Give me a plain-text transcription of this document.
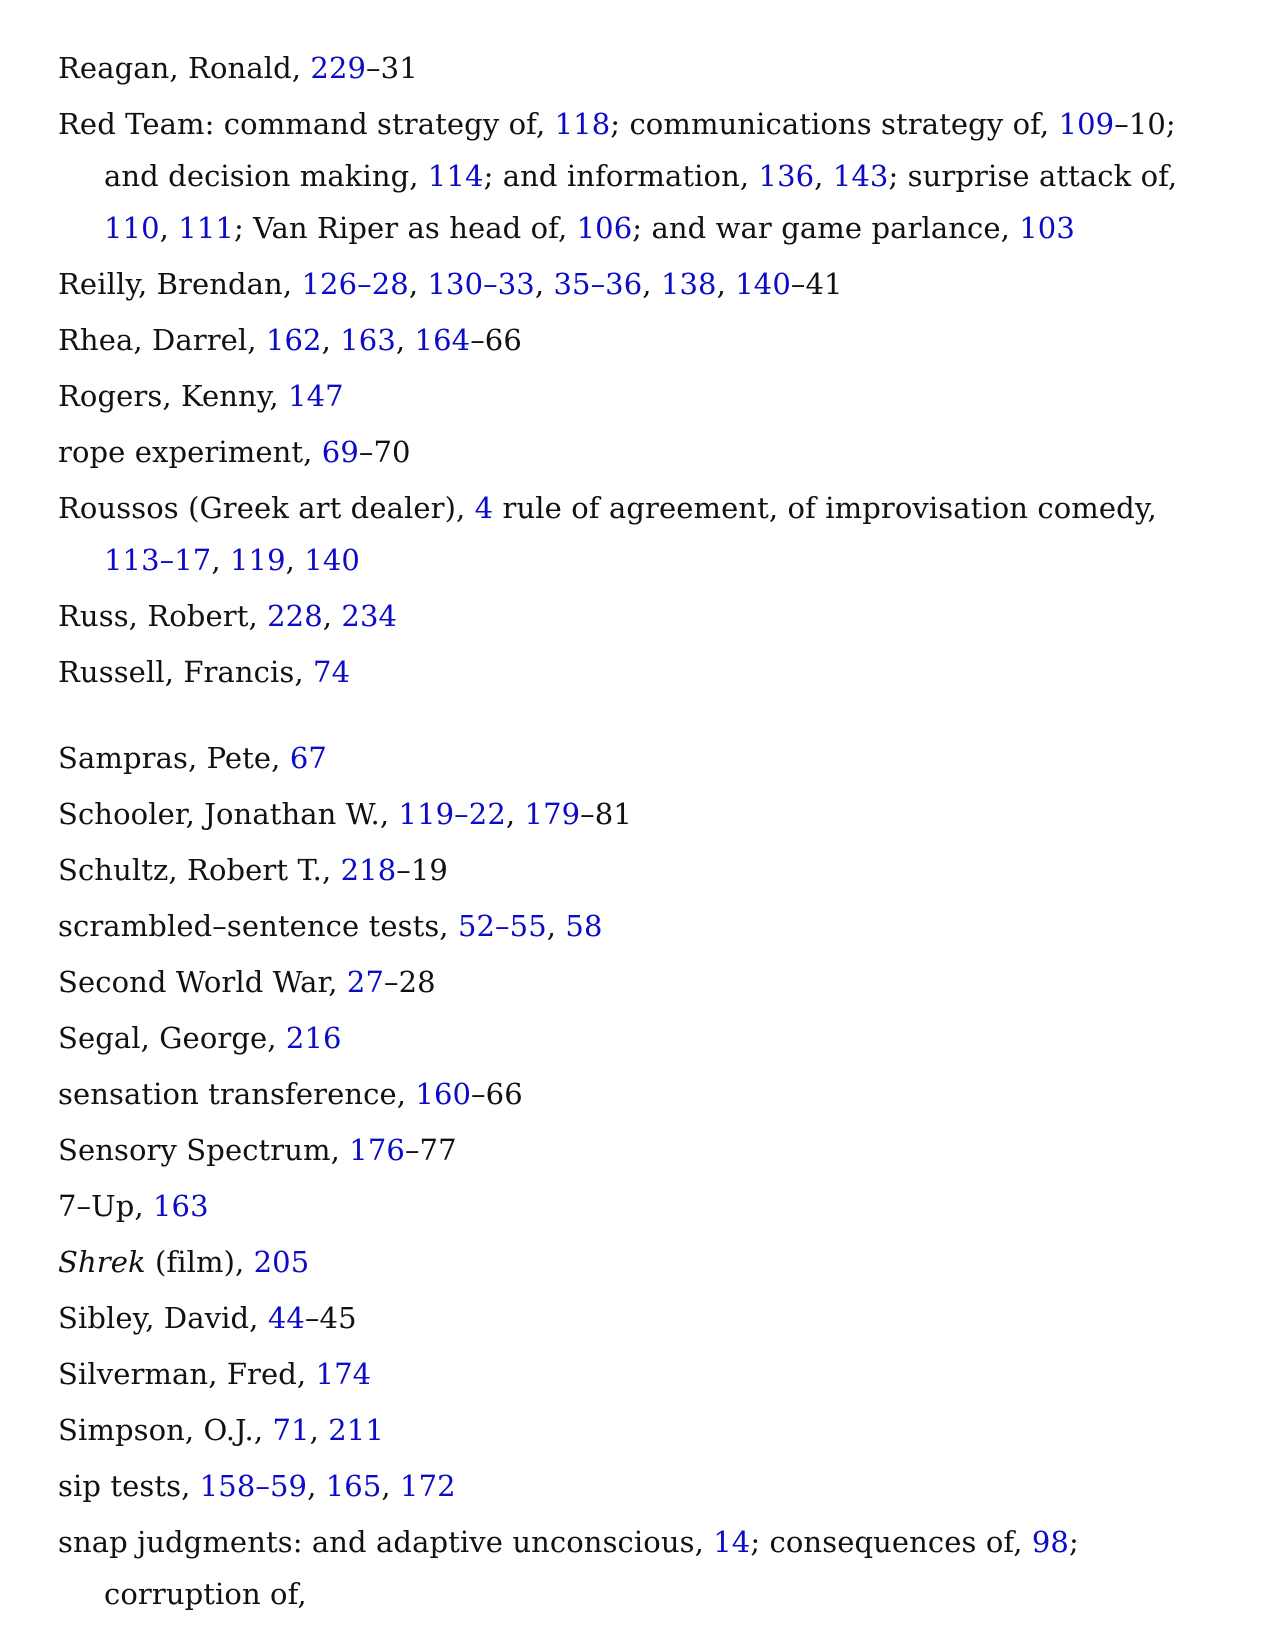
Reagan, Ronald, 229–31

Red Team: command strategy of, 118; communications strategy of, 109–10; and decision making, 114; and information, 136, 143; surprise attack of, 110, 111; Van Riper as head of, 106; and war game parlance, 103

Reilly, Brendan, 126–28, 130–33, 35–36, 138, 140–41

Rhea, Darrel, 162, 163, 164–66

Rogers, Kenny, 147

rope experiment, 69–70

Roussos (Greek art dealer), 4 rule of agreement, of improvisation comedy, 113–17, 119, 140

Russ, Robert, 228, 234

Russell, Francis, 74

Sampras, Pete, 67

Schooler, Jonathan W., 119–22, 179–81

Schultz, Robert T., 218–19

scrambled–sentence tests, 52–55, 58

Second World War, 27–28

Segal, George, 216

sensation transference, 160–66

Sensory Spectrum, 176–77

7–Up, 163

Shrek (film), 205

Sibley, David, 44–45

Silverman, Fred, 174

Simpson, O.J., 71, 211

sip tests, 158–59, 165, 172

snap judgments: and adaptive unconscious, 14; consequences of, 98; corruption of,
